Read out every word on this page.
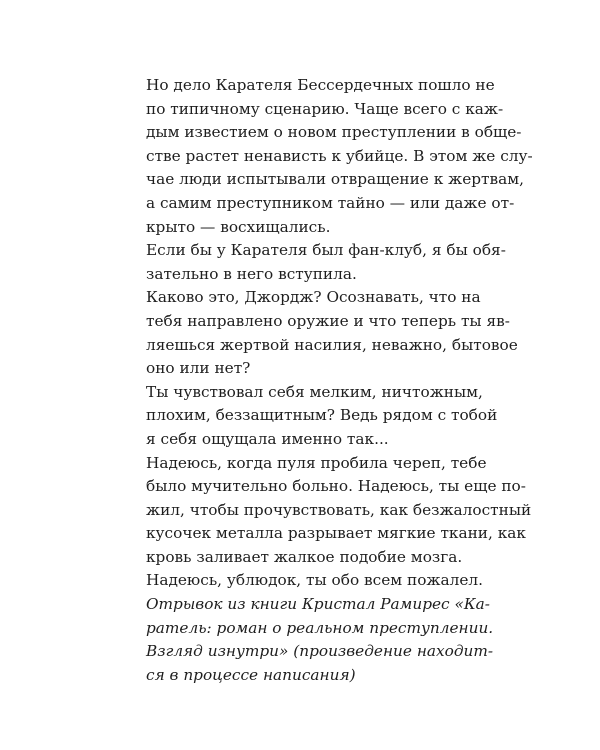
Но дело Карателя Бессердечных пошло не
по типичному сценарию. Чаще всего с каж-
дым известием о новом преступлении в обще-
стве растет ненависть к убийце. В этом же слу-
чае люди испытывали отвращение к жертвам,
а самим преступником тайно — или даже от-
крыто — восхищались.

Если бы у Карателя был фан-клуб, я бы обя-
зательно в него вступила.

Каково это, Джордж? Осознавать, что на
тебя направлено оружие и что теперь ты яв-
ляешься жертвой насилия, неважно, бытовое
оно или нет?

Ты чувствовал себя мелким, ничтожным,
плохим, беззащитным? Ведь рядом с тобой
я себя ощущала именно так...

Надеюсь, когда пуля пробила череп, тебе
было мучительно больно. Надеюсь, ты еще по-
жил, чтобы прочувствовать, как безжалостный
кусочек металла разрывает мягкие ткани, как
кровь заливает жалкое подобие мозга.

Надеюсь, ублюдок, ты обо всем пожалел.

Отрывок из книги Кристал Рамирес «Ка-
ратель: роман о реальном преступлении.
Взгляд изнутри» (произведение находит-
ся в процессе написания)
